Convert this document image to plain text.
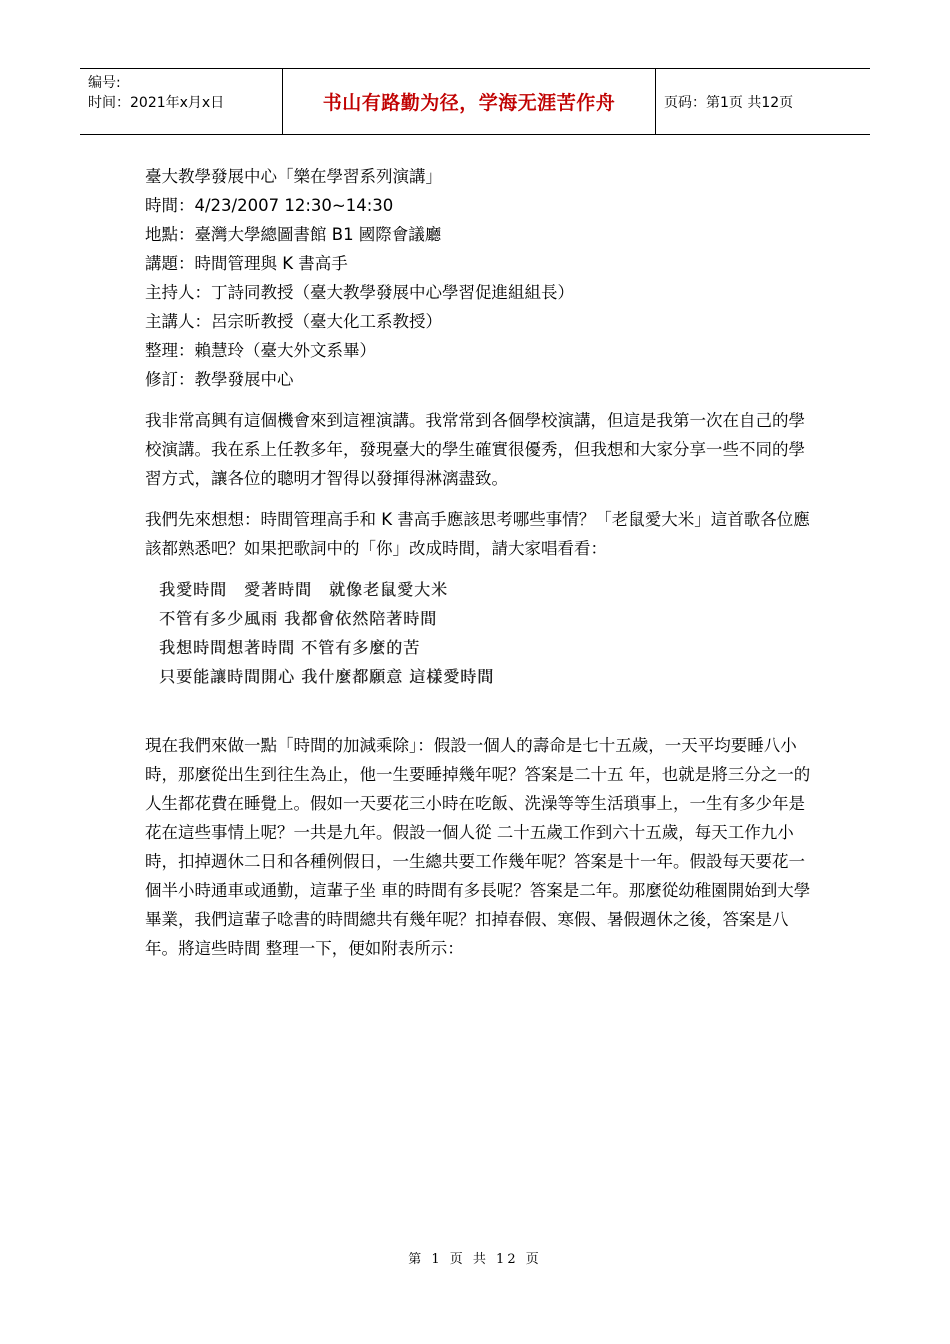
编号:
时间：2021年x月x日	书山有路勤为径，学海无涯苦作舟	页码：第1页 共12页

臺大教學發展中心「樂在學習系列演講」

時間：4/23/2007 12:30~14:30

地點：臺灣大學總圖書館 B1 國際會議廳

講題：時間管理與 K 書高手

主持人：丁詩同教授（臺大教學發展中心學習促進組組長）

主講人：呂宗昕教授（臺大化工系教授）

整理：賴慧玲（臺大外文系畢）

修訂：教學發展中心

我非常高興有這個機會來到這裡演講。我常常到各個學校演講，但這是我第一次在自己的學校演講。我在系上任教多年，發現臺大的學生確實很優秀，但我想和大家分享一些不同的學習方式，讓各位的聰明才智得以發揮得淋漓盡致。

我們先來想想：時間管理高手和 K 書高手應該思考哪些事情？「老鼠愛大米」這首歌各位應該都熟悉吧？如果把歌詞中的「你」改成時間，請大家唱看看：

我愛時間　愛著時間　就像老鼠愛大米

不管有多少風雨 我都會依然陪著時間

我想時間想著時間 不管有多麼的苦

只要能讓時間開心 我什麼都願意 這樣愛時間

現在我們來做一點「時間的加減乘除」：假設一個人的壽命是七十五歲，一天平均要睡八小時，那麼從出生到往生為止，他一生要睡掉幾年呢？答案是二十五 年，也就是將三分之一的人生都花費在睡覺上。假如一天要花三小時在吃飯、洗澡等等生活瑣事上，一生有多少年是花在這些事情上呢？一共是九年。假設一個人從 二十五歲工作到六十五歲，每天工作九小時，扣掉週休二日和各種例假日，一生總共要工作幾年呢？答案是十一年。假設每天要花一個半小時通車或通勤，這輩子坐 車的時間有多長呢？答案是二年。那麼從幼稚園開始到大學畢業，我們這輩子唸書的時間總共有幾年呢？扣掉春假、寒假、暑假週休之後，答案是八年。將這些時間 整理一下，便如附表所示：

第 1 页 共 12 页
